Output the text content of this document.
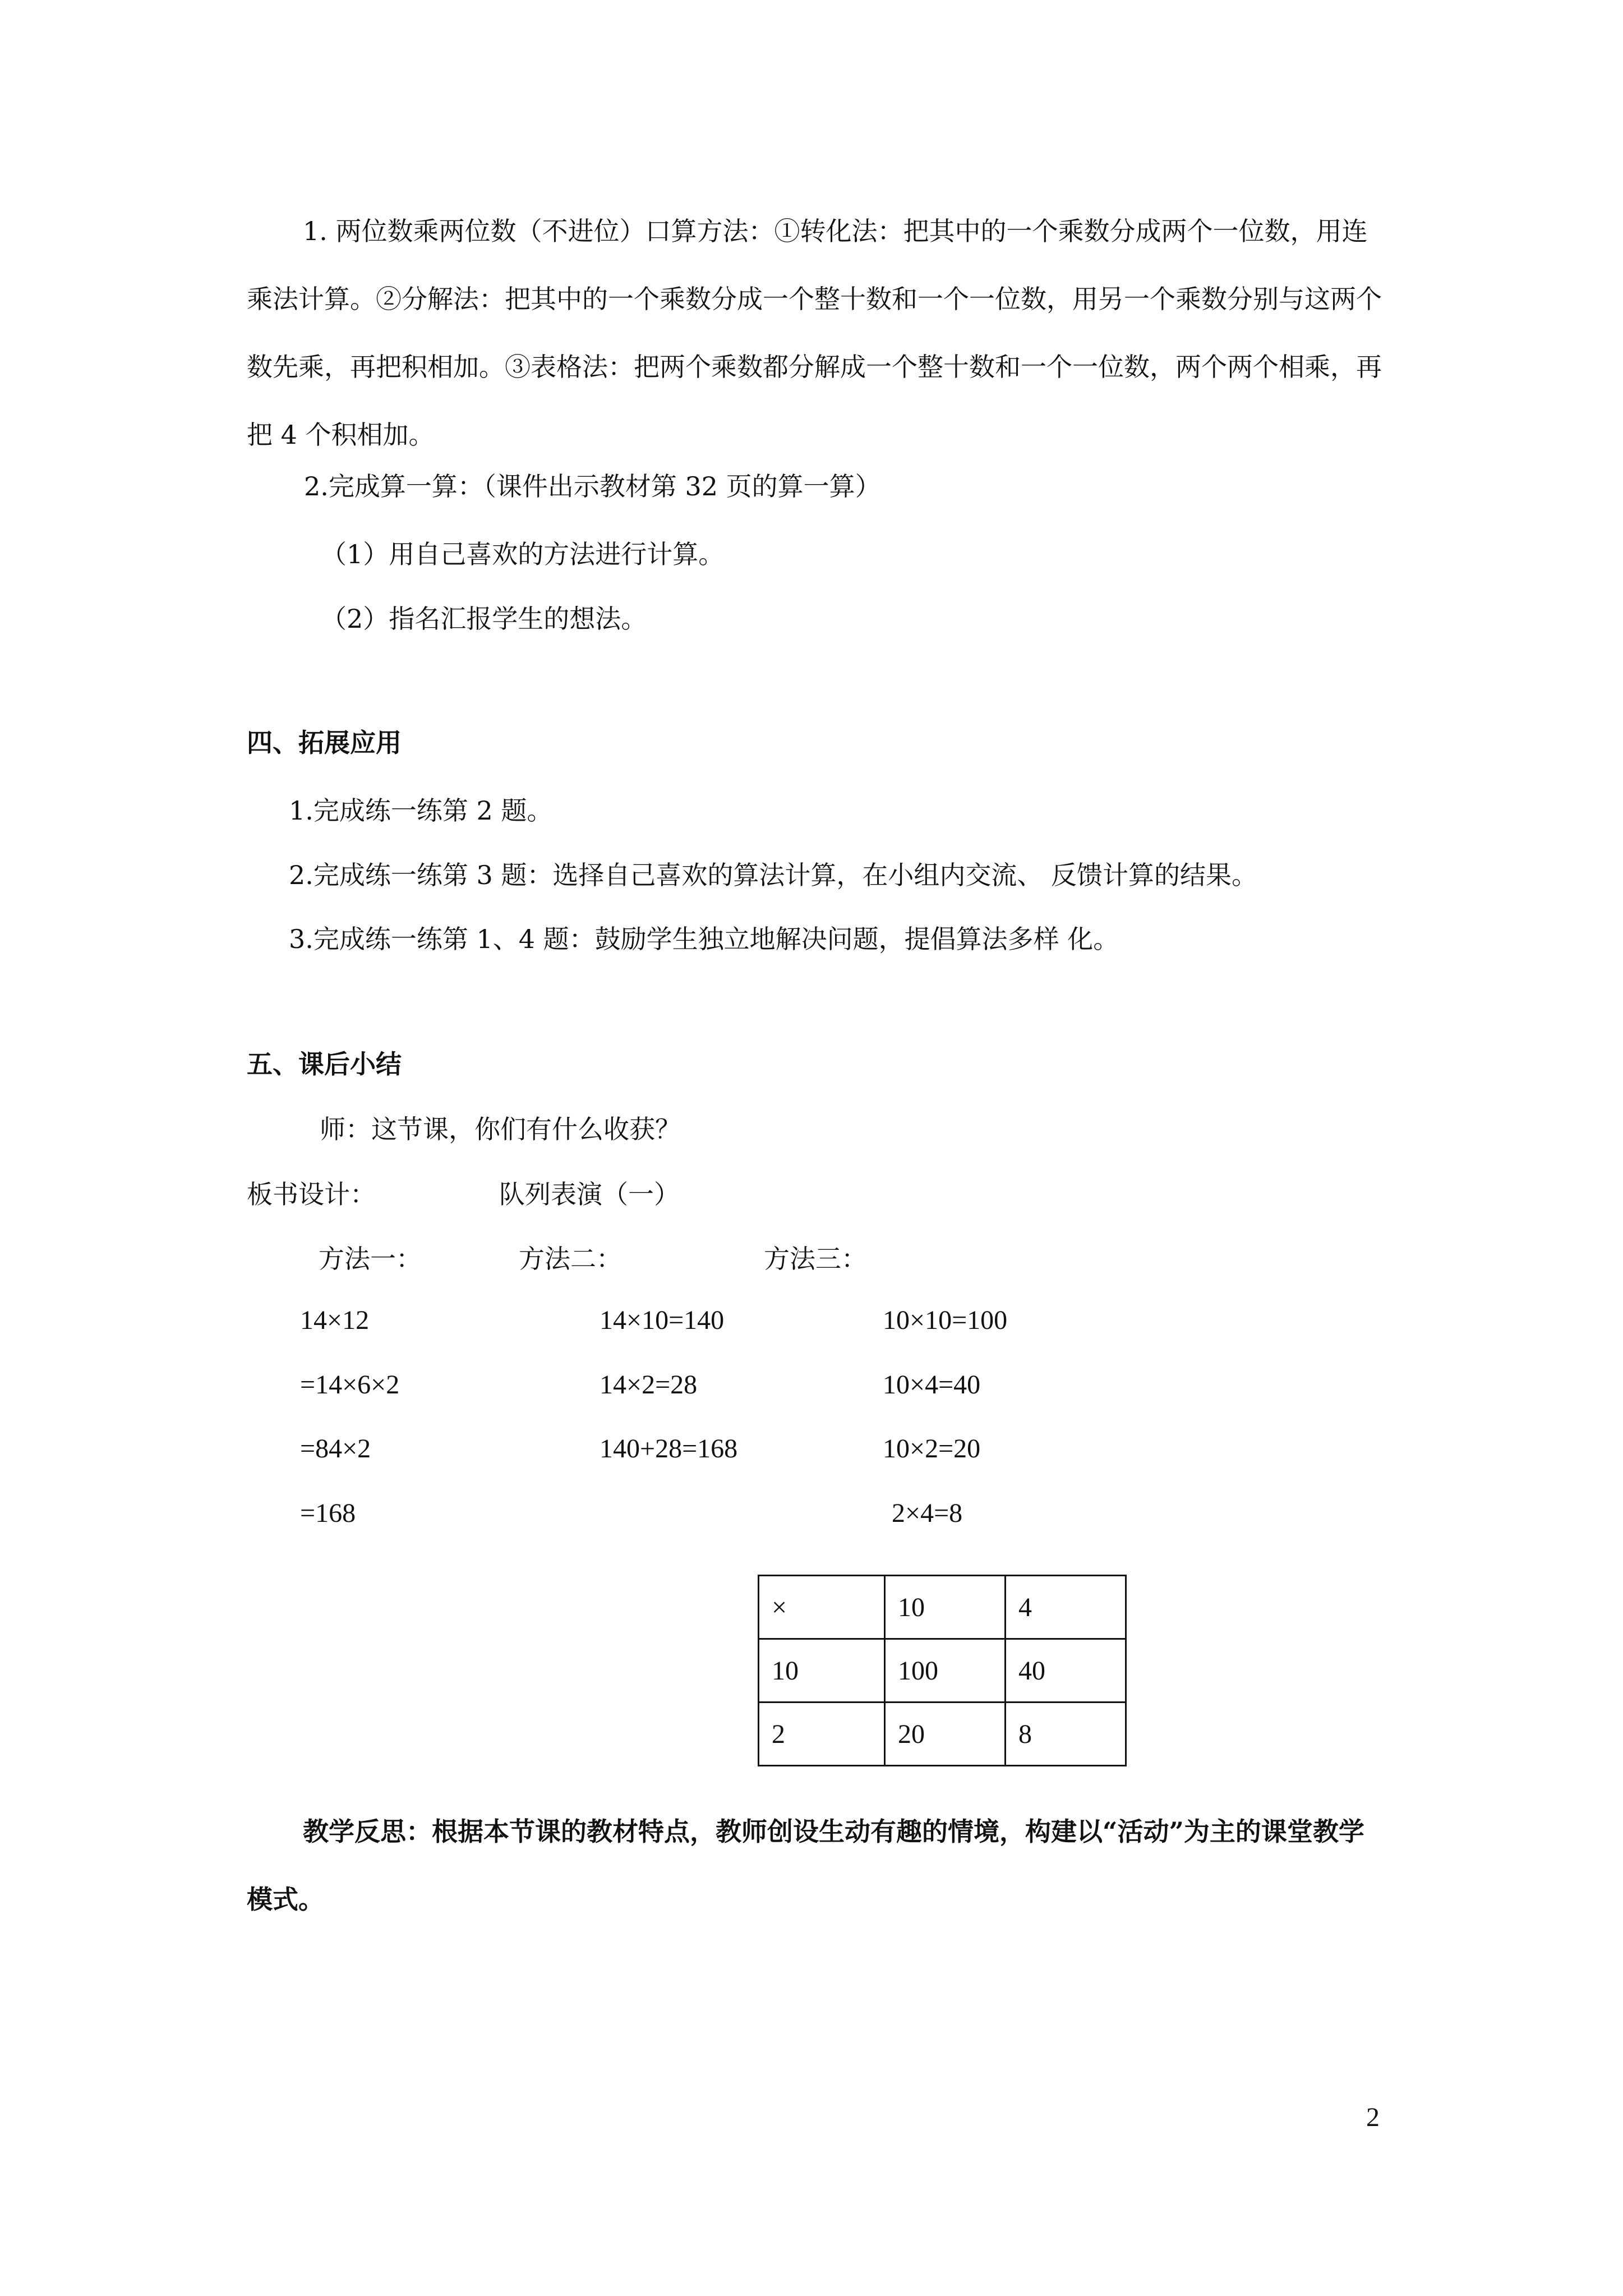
1. 两位数乘两位数（不进位）口算方法：①转化法：把其中的一个乘数分成两个一位数，用连乘法计算。②分解法：把其中的一个乘数分成一个整十数和一个一位数，用另一个乘数分别与这两个数先乘，再把积相加。③表格法：把两个乘数都分解成一个整十数和一个一位数，两个两个相乘，再把 4 个积相加。
2.完成算一算：（课件出示教材第 32 页的算一算）
（1）用自己喜欢的方法进行计算。
（2）指名汇报学生的想法。
四、拓展应用
1.完成练一练第 2 题。
2.完成练一练第 3 题：选择自己喜欢的算法计算，在小组内交流、 反馈计算的结果。
3.完成练一练第 1、4 题：鼓励学生独立地解决问题，提倡算法多样 化。
五、课后小结
师：这节课，你们有什么收获？
板书设计：	队列表演（一）
方法一：	方法二：	方法三：
14×12
=14×6×2
=84×2
=168
14×10=140
14×2=28
140+28=168
10×10=100
10×4=40
10×2=20
2×4=8
×	10	4
10	100	40
2	20	8
教学反思：根据本节课的教材特点，教师创设生动有趣的情境，构建以“活动”为主的课堂教学模式。
2
